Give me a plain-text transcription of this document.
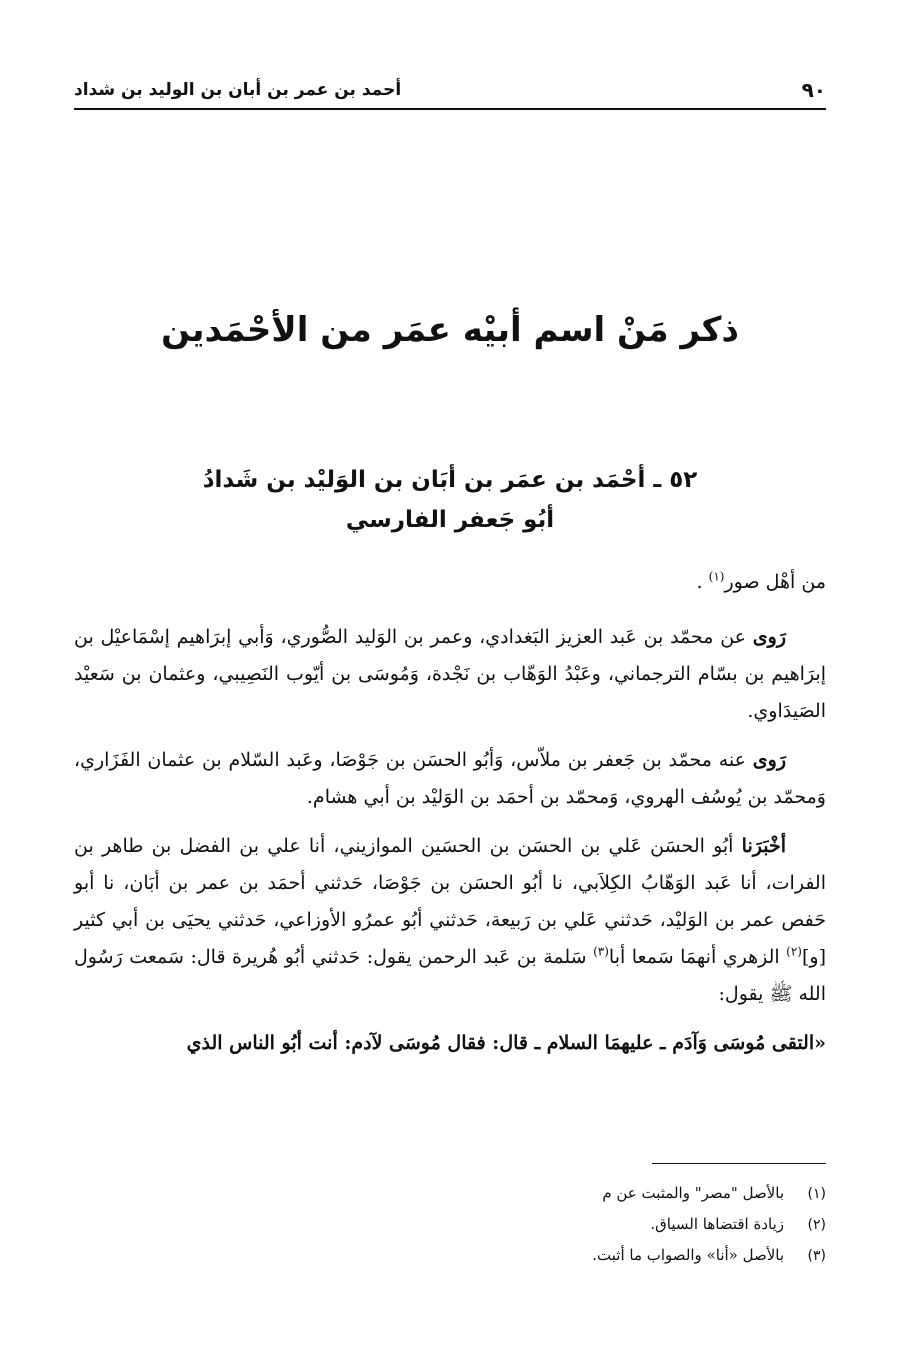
٩٠
أحمد بن عمر بن أبان بن الوليد بن شداد
ذكر مَنْ اسم أبيْه عمَر من الأحْمَدين
٥٢ ـ أحْمَد بن عمَر بن أبَان بن الوَليْد بن شَدادُ
أبُو جَعفر الفارسي

من أهْل صور$^{(١)}$ .

رَوى عن محمّد بن عَبد العزيز البَغدادي، وعمر بن الوَليد الصُّوري، وَأبي إبرَاهيم إسْمَاعيْل بن إبرَاهيم بن بسّام الترجماني، وعَبْدُ الوَهّاب بن نَجْدة، وَمُوسَى بن أيّوب النَصِيبي، وعثمان بن سَعيْد الصَيدَاوي.

رَوى عنه محمّد بن جَعفر بن ملاّس، وَأبُو الحسَن بن جَوْصَا، وعَبد السّلام بن عثمان الفَزَاري، وَمحمّد بن يُوسُف الهروي، وَمحمّد بن أحمَد بن الوَليْد بن أبي هشام.

أخْبَرَنا أبُو الحسَن عَلي بن الحسَن بن الحسَين الموازيني، أنا علي بن الفضل بن طاهر بن الفرات، أنا عَبد الوَهّابُ الكِلاَبي، نا أبُو الحسَن بن جَوْصَا، حَدثني أحمَد بن عمر بن أبَان، نا أبو حَفص عمر بن الوَليْد، حَدثني عَلي بن رَبيعة، حَدثني أبُو عمرُو الأوزاعي، حَدثني يحيَى بن أبي كثير [و]$^{(٢)}$ الزهري أنهمَا سَمعا أبا$^{(٣)}$ سَلمة بن عَبد الرحمن يقول: حَدثني أبُو هُريرة قال: سَمعت رَسُول الله ﷺ يقول:

«التقى مُوسَى وَآدَم ـ عليهمَا السلام ـ قال: فقال مُوسَى لآدم: أنت أبُو الناس الذي

(١)
بالأصل "مصر" والمثبت عن م
(٢)
زيادة اقتضاها السياق.
(٣)
بالأصل «أنا» والصواب ما أثبت.
